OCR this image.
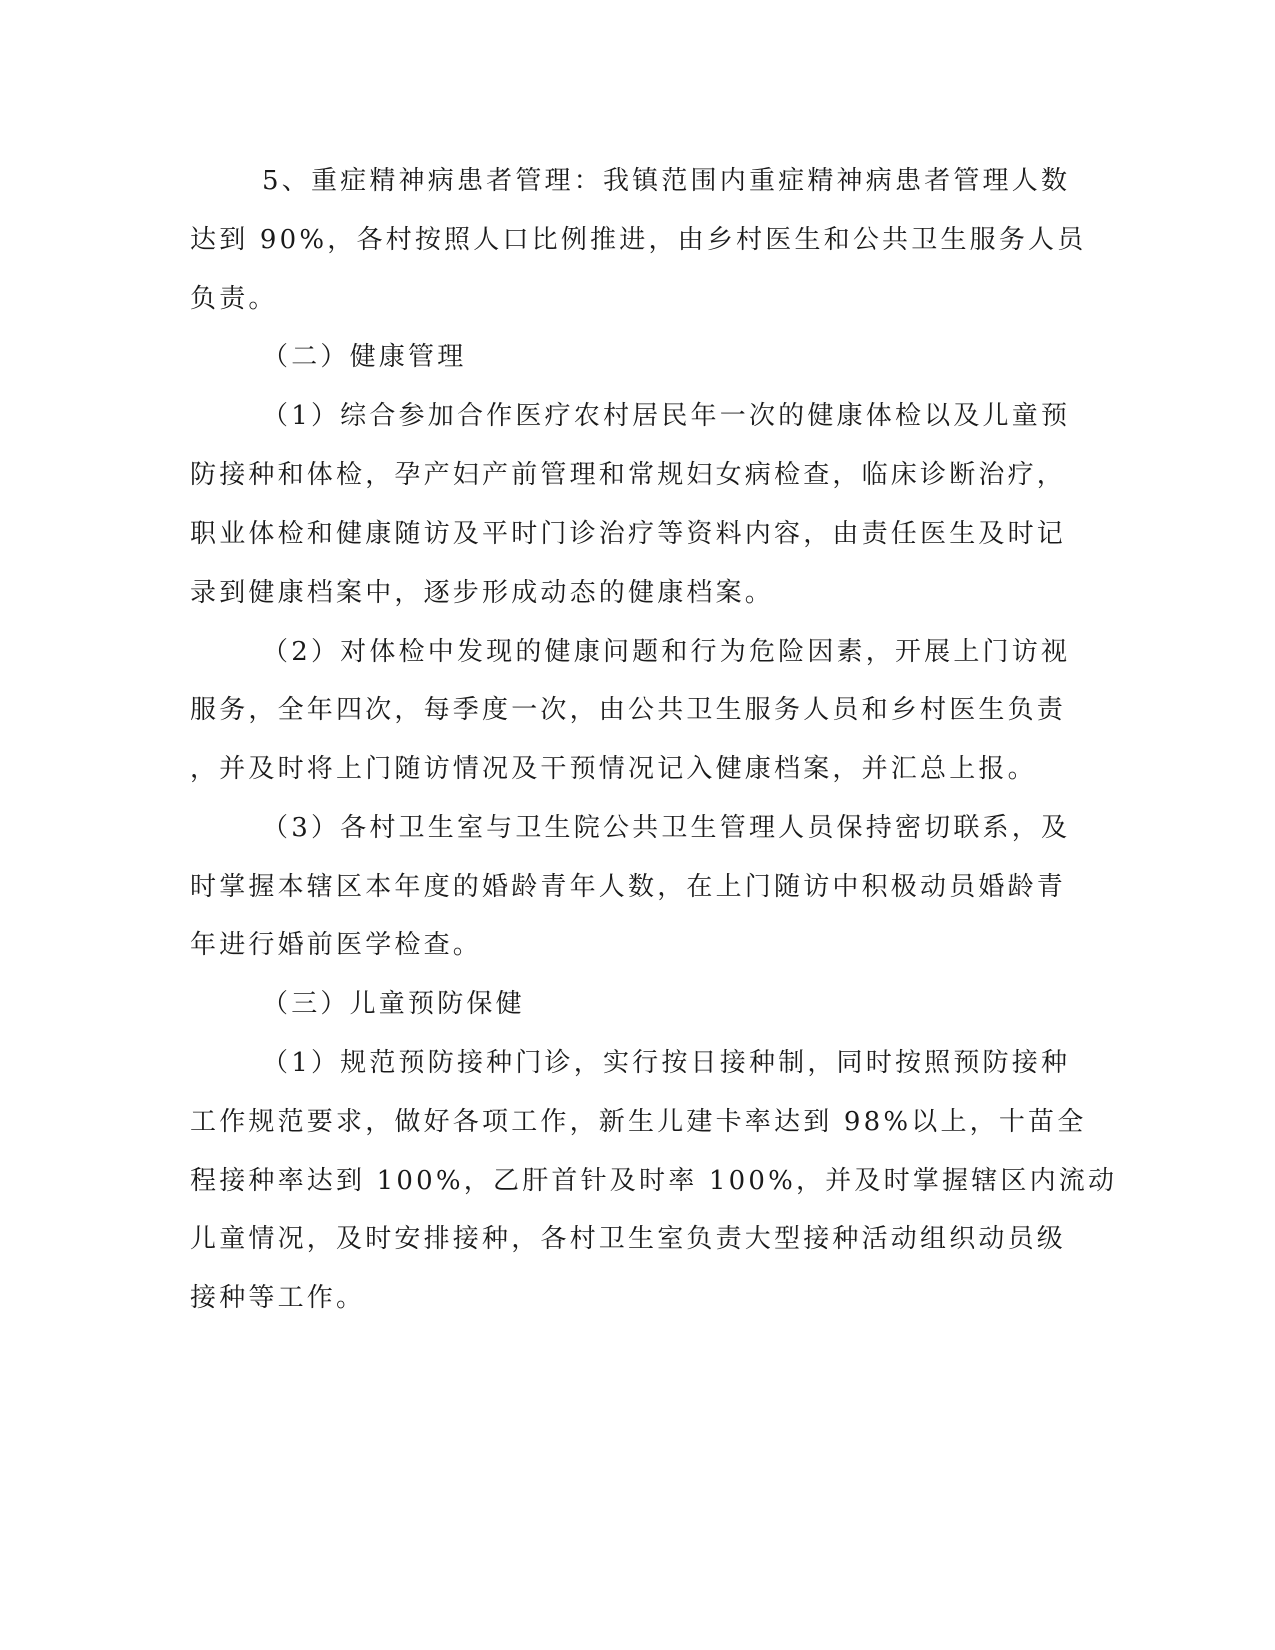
5、重症精神病患者管理：我镇范围内重症精神病患者管理人数
达到 90%，各村按照人口比例推进，由乡村医生和公共卫生服务人员
负责。
（二）健康管理
（1）综合参加合作医疗农村居民年一次的健康体检以及儿童预
防接种和体检，孕产妇产前管理和常规妇女病检查，临床诊断治疗，
职业体检和健康随访及平时门诊治疗等资料内容，由责任医生及时记
录到健康档案中，逐步形成动态的健康档案。
（2）对体检中发现的健康问题和行为危险因素，开展上门访视
服务，全年四次，每季度一次，由公共卫生服务人员和乡村医生负责
，并及时将上门随访情况及干预情况记入健康档案，并汇总上报。
（3）各村卫生室与卫生院公共卫生管理人员保持密切联系，及
时掌握本辖区本年度的婚龄青年人数，在上门随访中积极动员婚龄青
年进行婚前医学检查。
（三）儿童预防保健
（1）规范预防接种门诊，实行按日接种制，同时按照预防接种
工作规范要求，做好各项工作，新生儿建卡率达到 98%以上，十苗全
程接种率达到 100%，乙肝首针及时率 100%，并及时掌握辖区内流动
儿童情况，及时安排接种，各村卫生室负责大型接种活动组织动员级
接种等工作。
